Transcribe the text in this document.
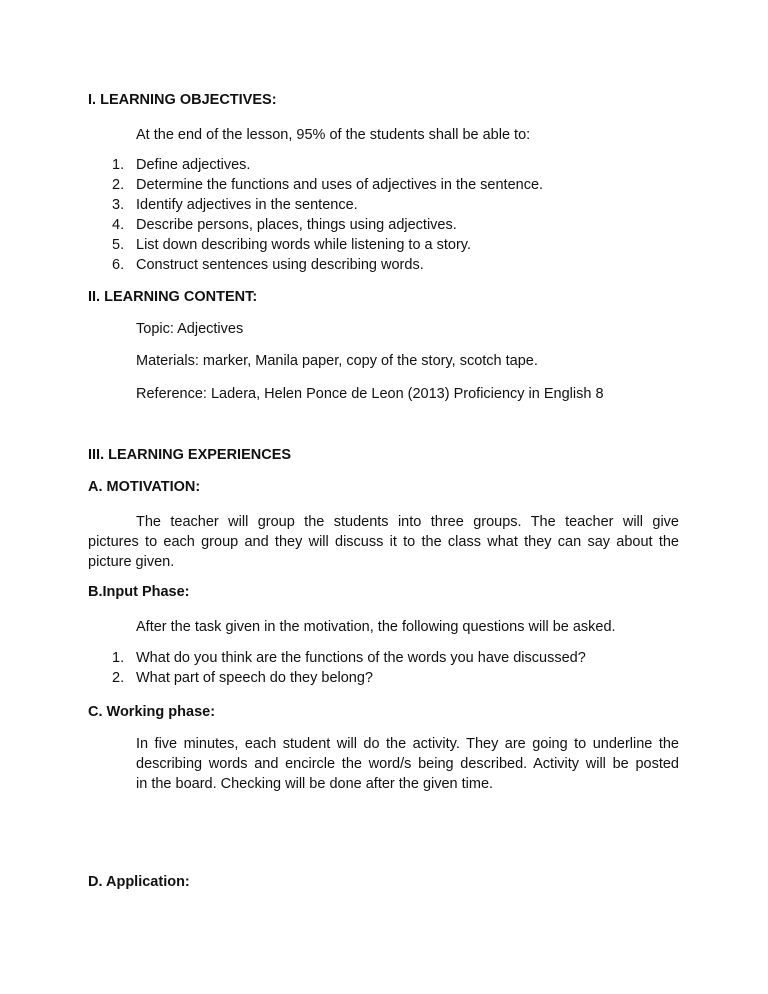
I. LEARNING OBJECTIVES:
At the end of the lesson, 95% of the students shall be able to:
1. Define adjectives.
2. Determine the functions and uses of adjectives in the sentence.
3. Identify adjectives in the sentence.
4. Describe persons, places, things using adjectives.
5. List down describing words while listening to a story.
6. Construct sentences using describing words.
II. LEARNING CONTENT:
Topic: Adjectives
Materials: marker, Manila paper, copy of the story, scotch tape.
Reference: Ladera, Helen Ponce de Leon (2013) Proficiency in English 8
III. LEARNING EXPERIENCES
A. MOTIVATION:
The teacher will group the students into three groups. The teacher will give
pictures to each group and they will discuss it to the class what they can say about the
picture given.
B.Input Phase:
After the task given in the motivation, the following questions will be asked.
1. What do you think are the functions of the words you have discussed?
2. What part of speech do they belong?
C. Working phase:
In five minutes, each student will do the activity. They are going to underline the
describing words and encircle the word/s being described. Activity will be posted
in the board. Checking will be done after the given time.
D. Application:
